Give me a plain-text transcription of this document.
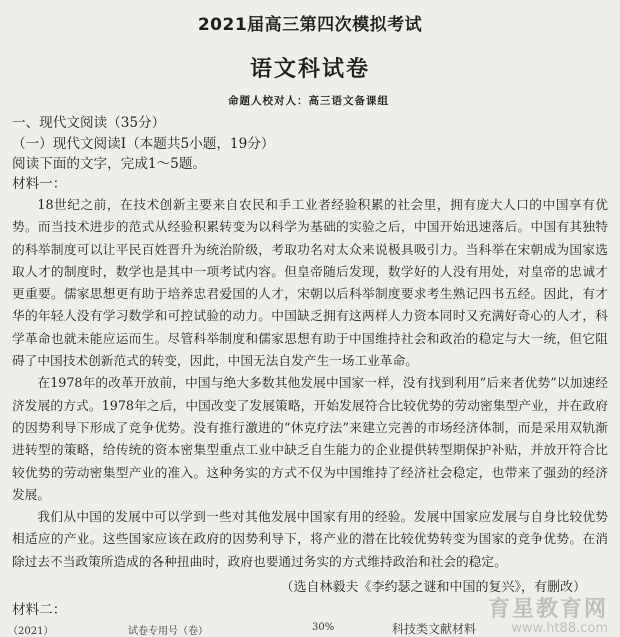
2021届高三第四次模拟考试
语文科试卷
命题人校对人：高三语文备课组
一、现代文阅读（35分）
（一）现代文阅读Ⅰ（本题共5小题，19分）
阅读下面的文字，完成1～5题。
材料一：

18世纪之前，在技术创新主要来自农民和手工业者经验积累的社会里，拥有庞大人口的中国享有优势。而当技术进步的范式从经验积累转变为以科学为基础的实验之后，中国开始迅速落后。中国有其独特的科举制度可以让平民百姓晋升为统治阶级，考取功名对太众来说极具吸引力。当科举在宋朝成为国家选取人才的制度时，数学也是其中一项考试内容。但皇帝随后发现，数学好的人没有用处，对皇帝的忠诚才更重要。儒家思想更有助于培养忠君爱国的人才，宋朝以后科举制度要求考生熟记四书五经。因此，有才华的年轻人没有学习数学和可控试验的动力。中国缺乏拥有这两样人力资本同时又充满好奇心的人才，科学革命也就未能应运而生。尽管科举制度和儒家思想有助于中国维持社会和政治的稳定与大一统，但它阻碍了中国技术创新范式的转变，因此，中国无法自发产生一场工业革命。

在1978年的改革开放前，中国与绝大多数其他发展中国家一样，没有找到利用“后来者优势”以加速经济发展的方式。1978年之后，中国改变了发展策略，开始发展符合比较优势的劳动密集型产业，并在政府的因势利导下形成了竞争优势。没有推行激进的“休克疗法”来建立完善的市场经济体制，而是采用双轨渐进转型的策略，给传统的资本密集型重点工业中缺乏自生能力的企业提供转型期保护补贴，并放开符合比较优势的劳动密集型产业的准入。这种务实的方式不仅为中国维持了经济社会稳定，也带来了强劲的经济发展。

我们从中国的发展中可以学到一些对其他发展中国家有用的经验。发展中国家应发展与自身比较优势相适应的产业。这些国家应该在政府的因势利导下，将产业的潜在比较优势转变为国家的竞争优势。在消除过去不当政策所造成的各种扭曲时，政府也要通过务实的方式维持政治和社会的稳定。

（选自林毅夫《李约瑟之谜和中国的复兴》，有删改）
材料二：	育星教育网
www.ht88.com
（2021）	试卷专用号（卷）	30%	科技类文献材料
